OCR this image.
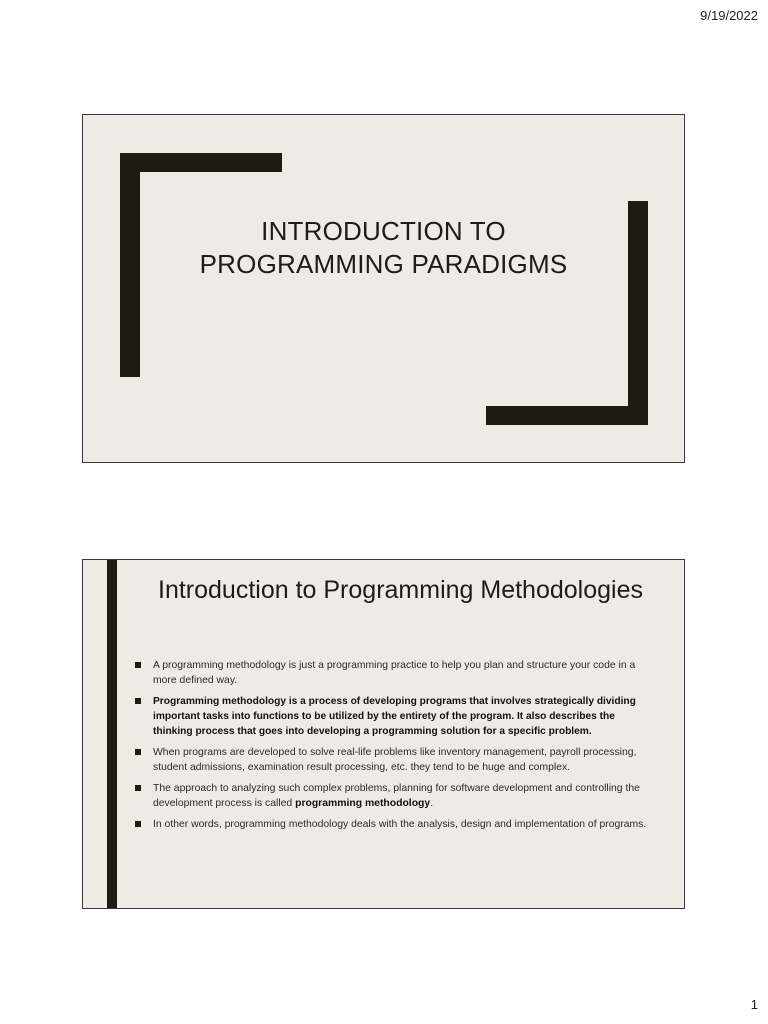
9/19/2022
INTRODUCTION TO
PROGRAMMING PARADIGMS
Introduction to Programming Methodologies
A programming methodology is just a programming practice to help you plan and structure your code in a more defined way.
Programming methodology is a process of developing programs that involves strategically dividing important tasks into functions to be utilized by the entirety of the program. It also describes the thinking process that goes into developing a programming solution for a specific problem.
When programs are developed to solve real-life problems like inventory management, payroll processing, student admissions, examination result processing, etc. they tend to be huge and complex.
The approach to analyzing such complex problems, planning for software development and controlling the development process is called programming methodology.
In other words, programming methodology deals with the analysis, design and implementation of programs.
1
